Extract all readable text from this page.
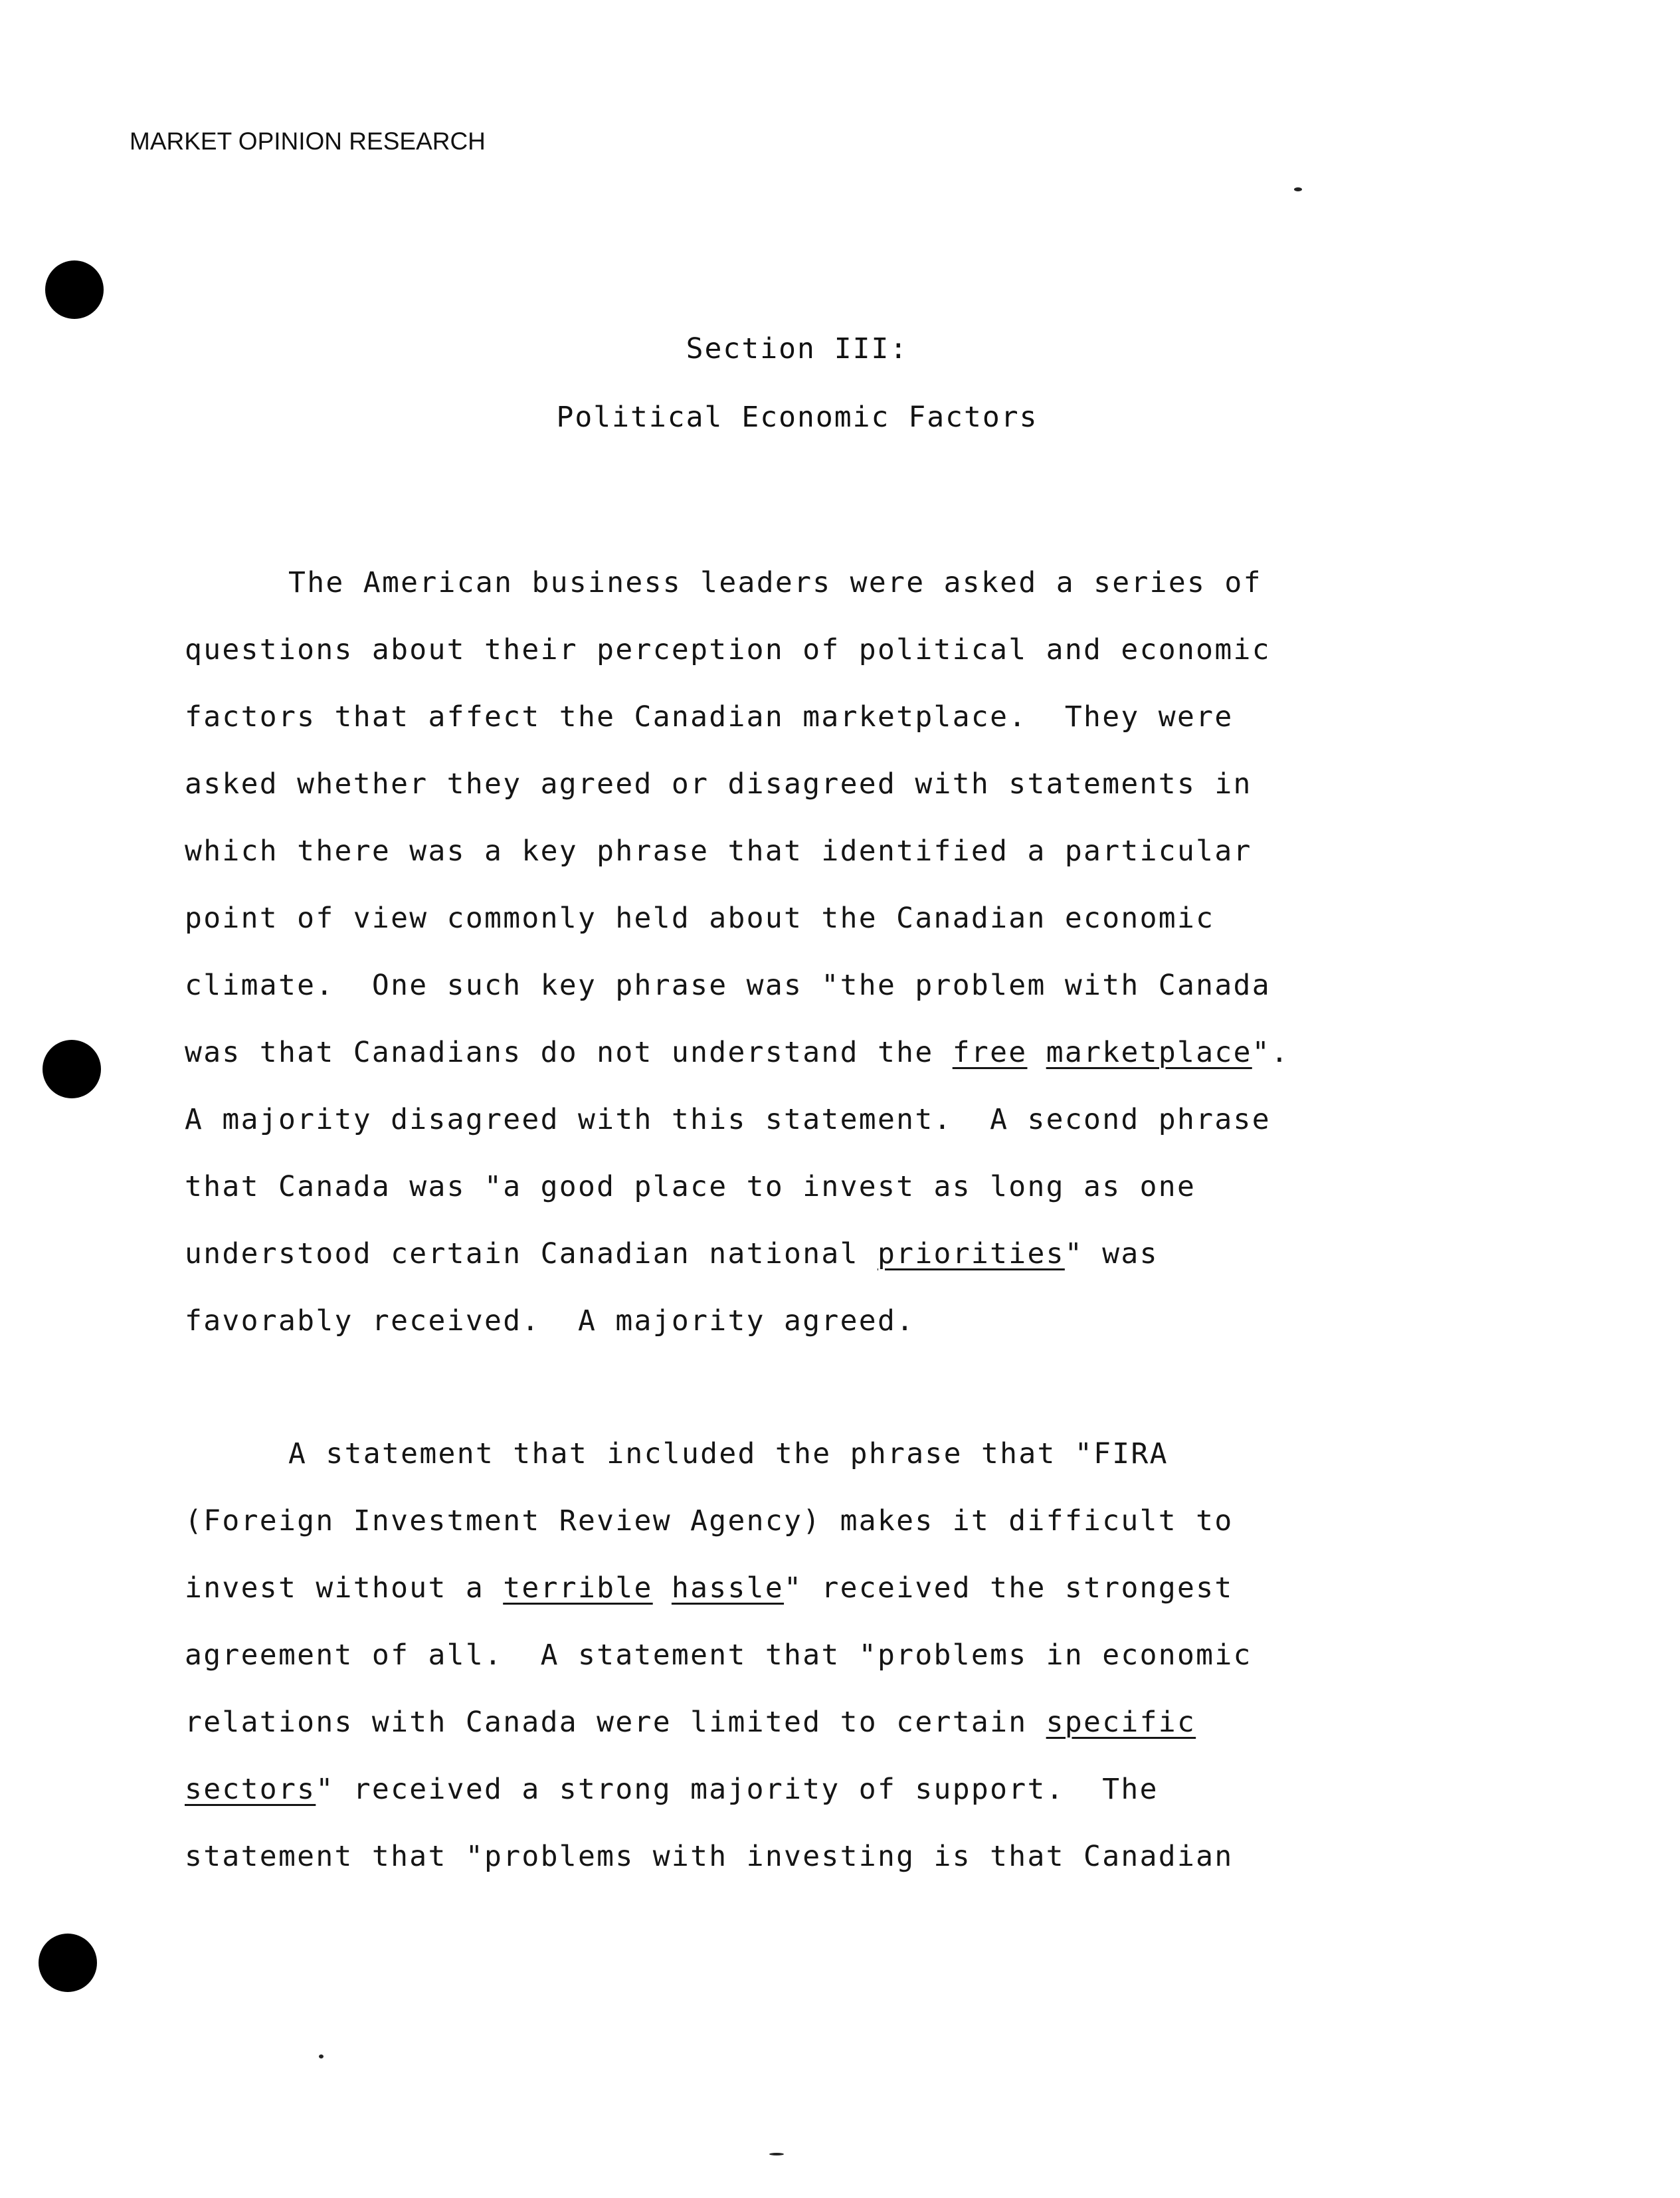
MARKET OPINION RESEARCH
Section III:
Political Economic Factors
The American business leaders were asked a series of
questions about their perception of political and economic
factors that affect the Canadian marketplace.  They were
asked whether they agreed or disagreed with statements in
which there was a key phrase that identified a particular
point of view commonly held about the Canadian economic
climate.  One such key phrase was "the problem with Canada
was that Canadians do not understand the free marketplace".
A majority disagreed with this statement.  A second phrase
that Canada was "a good place to invest as long as one
understood certain Canadian national priorities" was
favorably received.  A majority agreed.
A statement that included the phrase that "FIRA
(Foreign Investment Review Agency) makes it difficult to
invest without a terrible hassle" received the strongest
agreement of all.  A statement that "problems in economic
relations with Canada were limited to certain specific
sectors" received a strong majority of support.  The
statement that "problems with investing is that Canadian
